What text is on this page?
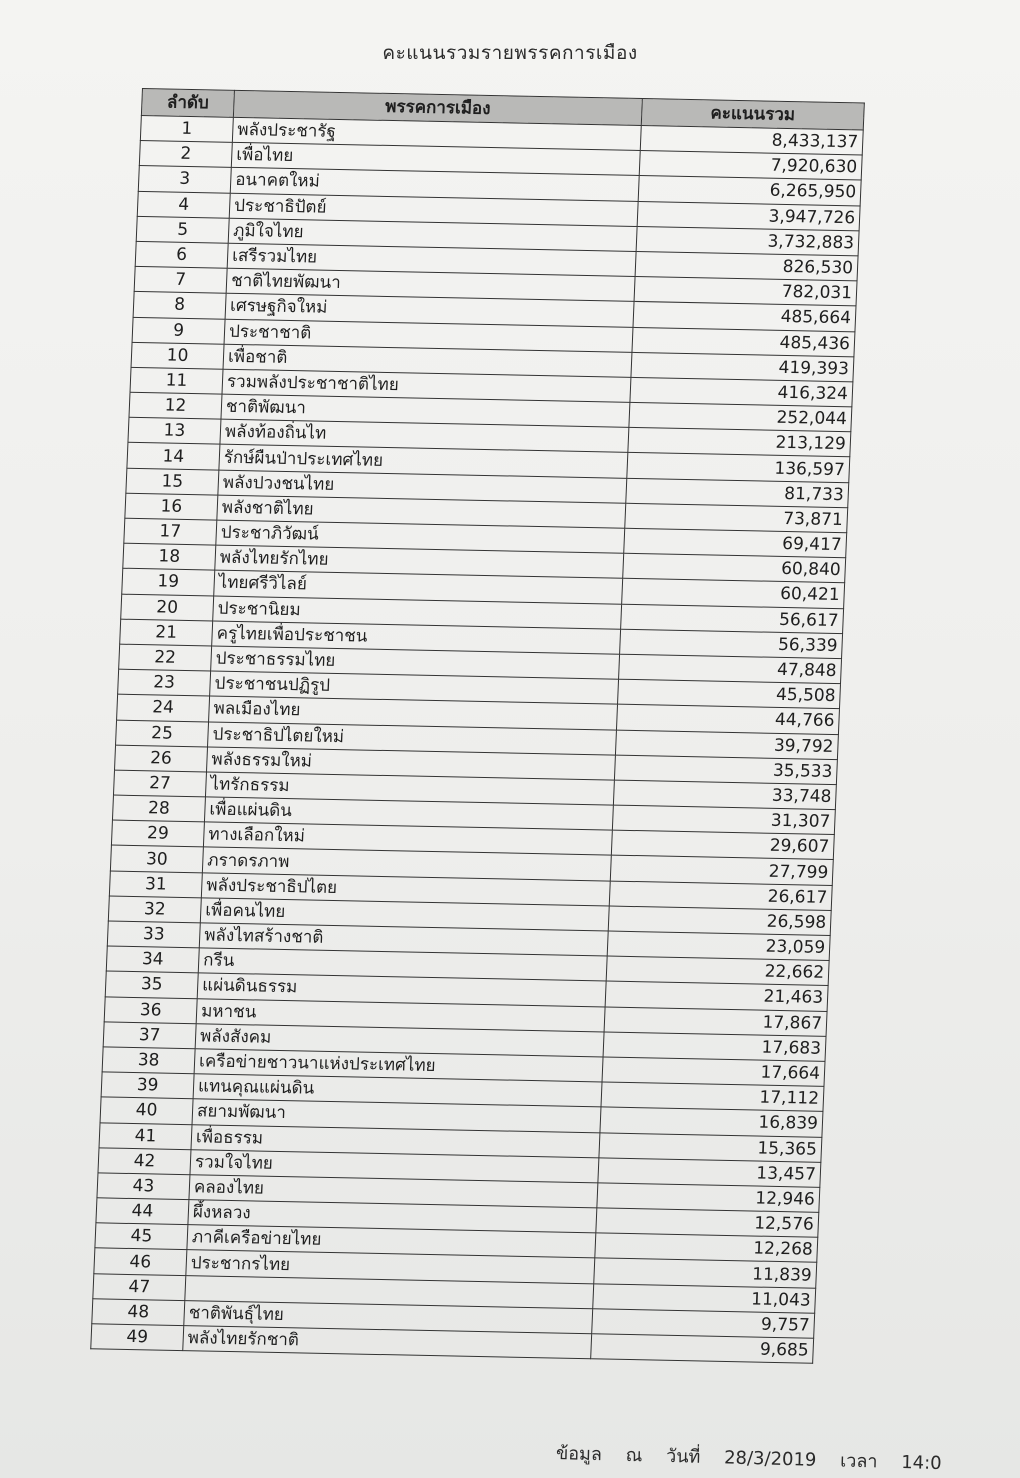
คะแนนรวมรายพรรคการเมือง
ลำดับ	พรรคการเมือง	คะแนนรวม
1	พลังประชารัฐ	8,433,137
2	เพื่อไทย	7,920,630
3	อนาคตใหม่	6,265,950
4	ประชาธิปัตย์	3,947,726
5	ภูมิใจไทย	3,732,883
6	เสรีรวมไทย	826,530
7	ชาติไทยพัฒนา	782,031
8	เศรษฐกิจใหม่	485,664
9	ประชาชาติ	485,436
10	เพื่อชาติ	419,393
11	รวมพลังประชาชาติไทย	416,324
12	ชาติพัฒนา	252,044
13	พลังท้องถิ่นไท	213,129
14	รักษ์ผืนป่าประเทศไทย	136,597
15	พลังปวงชนไทย	81,733
16	พลังชาติไทย	73,871
17	ประชาภิวัฒน์	69,417
18	พลังไทยรักไทย	60,840
19	ไทยศรีวิไลย์	60,421
20	ประชานิยม	56,617
21	ครูไทยเพื่อประชาชน	56,339
22	ประชาธรรมไทย	47,848
23	ประชาชนปฏิรูป	45,508
24	พลเมืองไทย	44,766
25	ประชาธิปไตยใหม่	39,792
26	พลังธรรมใหม่	35,533
27	ไทรักธรรม	33,748
28	เพื่อแผ่นดิน	31,307
29	ทางเลือกใหม่	29,607
30	ภราดรภาพ	27,799
31	พลังประชาธิปไตย	26,617
32	เพื่อคนไทย	26,598
33	พลังไทสร้างชาติ	23,059
34	กรีน	22,662
35	แผ่นดินธรรม	21,463
36	มหาชน	17,867
37	พลังสังคม	17,683
38	เครือข่ายชาวนาแห่งประเทศไทย	17,664
39	แทนคุณแผ่นดิน	17,112
40	สยามพัฒนา	16,839
41	เพื่อธรรม	15,365
42	รวมใจไทย	13,457
43	คลองไทย	12,946
44	ผึ้งหลวง	12,576
45	ภาคีเครือข่ายไทย	12,268
46	ประชากรไทย	11,839
47		11,043
48	ชาติพันธุ์ไทย	9,757
49	พลังไทยรักชาติ	9,685
ข้อมูล ณ วันที่ 28/3/2019 เวลา 14:0
